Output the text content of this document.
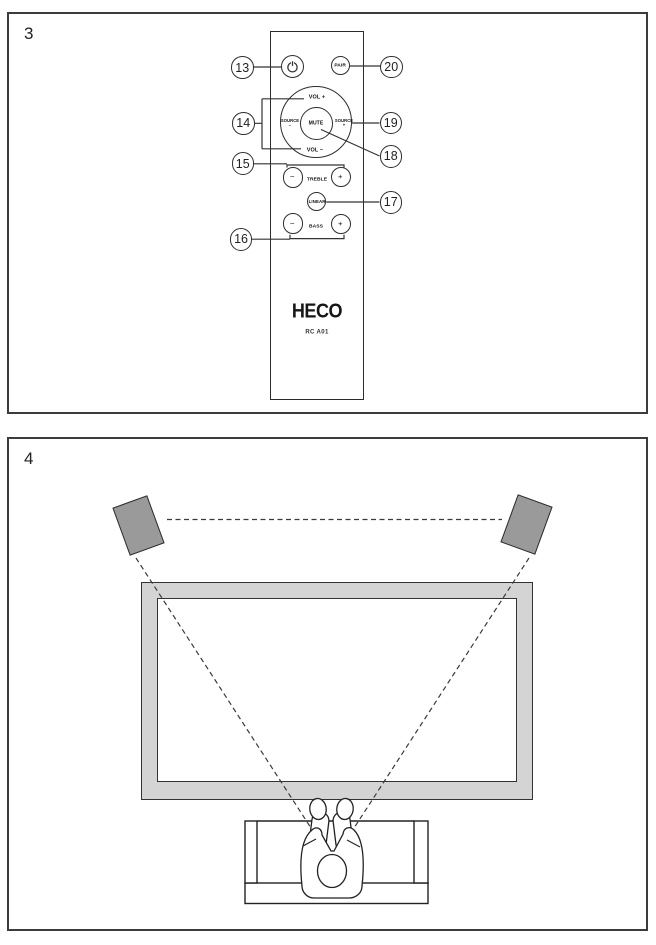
3
4
PAIR
MUTE
VOL +
VOL −
SOURCE
−
SOURCE
+
−	+
TREBLE
LINEAR
−	+
BASS
HECO
RC A01
13
14
15
16
17
18
19
20
